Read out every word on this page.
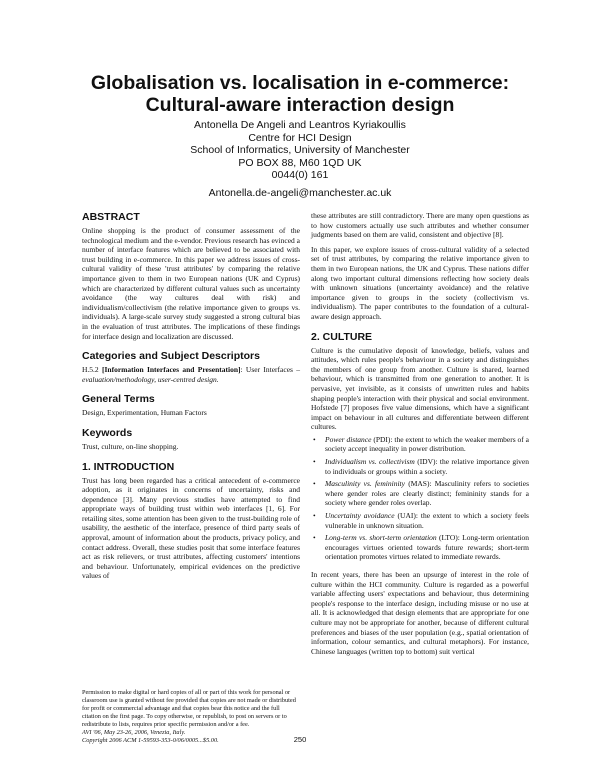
Globalisation vs. localisation in e-commerce:
Cultural-aware interaction design
Antonella De Angeli and Leantros Kyriakoullis
Centre for HCI Design
School of Informatics, University of Manchester
PO BOX 88, M60 1QD UK
0044(0) 161
Antonella.de-angeli@manchester.ac.uk
ABSTRACT

Online shopping is the product of consumer assessment of the technological medium and the e-vendor. Previous research has evinced a number of interface features which are believed to be associated with trust building in e-commerce. In this paper we address issues of cross-cultural validity of these 'trust attributes' by comparing the relative importance given to them in two European nations (UK and Cyprus) which are characterized by different cultural values such as uncertainty avoidance (the way cultures deal with risk) and individualism/collectivism (the relative importance given to groups vs. individuals). A large-scale survey study suggested a strong cultural bias in the evaluation of trust attributes. The implications of these findings for interface design and localization are discussed.

Categories and Subject Descriptors

H.5.2 [Information Interfaces and Presentation]: User Interfaces – evaluation/methodology, user-centred design.

General Terms

Design, Experimentation, Human Factors

Keywords

Trust, culture, on-line shopping.

1. INTRODUCTION

Trust has long been regarded has a critical antecedent of e-commerce adoption, as it originates in concerns of uncertainty, risks and dependence [3]. Many previous studies have attempted to find appropriate ways of building trust within web interfaces [1, 6]. For retailing sites, some attention has been given to the trust-building role of usability, the aesthetic of the interface, presence of third party seals of approval, amount of information about the products, privacy policy, and contact address. Overall, these studies posit that some interface features act as risk relievers, or trust attributes, affecting customers' intentions and behaviour. Unfortunately, empirical evidences on the predictive values of

Permission to make digital or hard copies of all or part of this work for personal or classroom use is granted without fee provided that copies are not made or distributed for profit or commercial advantage and that copies bear this notice and the full citation on the first page. To copy otherwise, or republish, to post on servers or to redistribute to lists, requires prior specific permission and/or a fee.

AVI '06, May 23-26, 2006, Venezia, Italy.

Copyright 2006 ACM 1-59593-353-0/06/0005...$5.00.

these attributes are still contradictory. There are many open questions as to how customers actually use such attributes and whether consumer judgments based on them are valid, consistent and objective [8].

In this paper, we explore issues of cross-cultural validity of a selected set of trust attributes, by comparing the relative importance given to them in two European nations, the UK and Cyprus. These nations differ along two important cultural dimensions reflecting how society deals with unknown situations (uncertainty avoidance) and the relative importance given to groups in the society (collectivism vs. individualism). The paper contributes to the foundation of a cultural-aware design approach.

2. CULTURE

Culture is the cumulative deposit of knowledge, beliefs, values and attitudes, which rules people's behaviour in a society and distinguishes the members of one group from another. Culture is shared, learned behaviour, which is transmitted from one generation to another. It is pervasive, yet invisible, as it consists of unwritten rules and habits shaping people's interaction with their physical and social environment. Hofstede [7] proposes five value dimensions, which have a significant impact on behaviour in all cultures and differentiate between different cultures.

• Power distance (PDI): the extent to which the weaker members of a society accept inequality in power distribution.
• Individualism vs. collectivism (IDV): the relative importance given to individuals or groups within a society.
• Masculinity vs. femininity (MAS): Masculinity refers to societies where gender roles are clearly distinct; femininity stands for a society where gender roles overlap.
• Uncertainty avoidance (UAI): the extent to which a society feels vulnerable in unknown situation.
• Long-term vs. short-term orientation (LTO): Long-term orientation encourages virtues oriented towards future rewards; short-term orientation promotes virtues related to immediate rewards.

In recent years, there has been an upsurge of interest in the role of culture within the HCI community. Culture is regarded as a powerful variable affecting users' expectations and behaviour, thus determining people's response to the interface design, including misuse or no use at all. It is acknowledged that design elements that are appropriate for one culture may not be appropriate for another, because of different cultural preferences and biases of the user population (e.g., spatial orientation of information, colour semantics, and cultural metaphors). For instance, Chinese languages (written top to bottom) suit vertical

250
